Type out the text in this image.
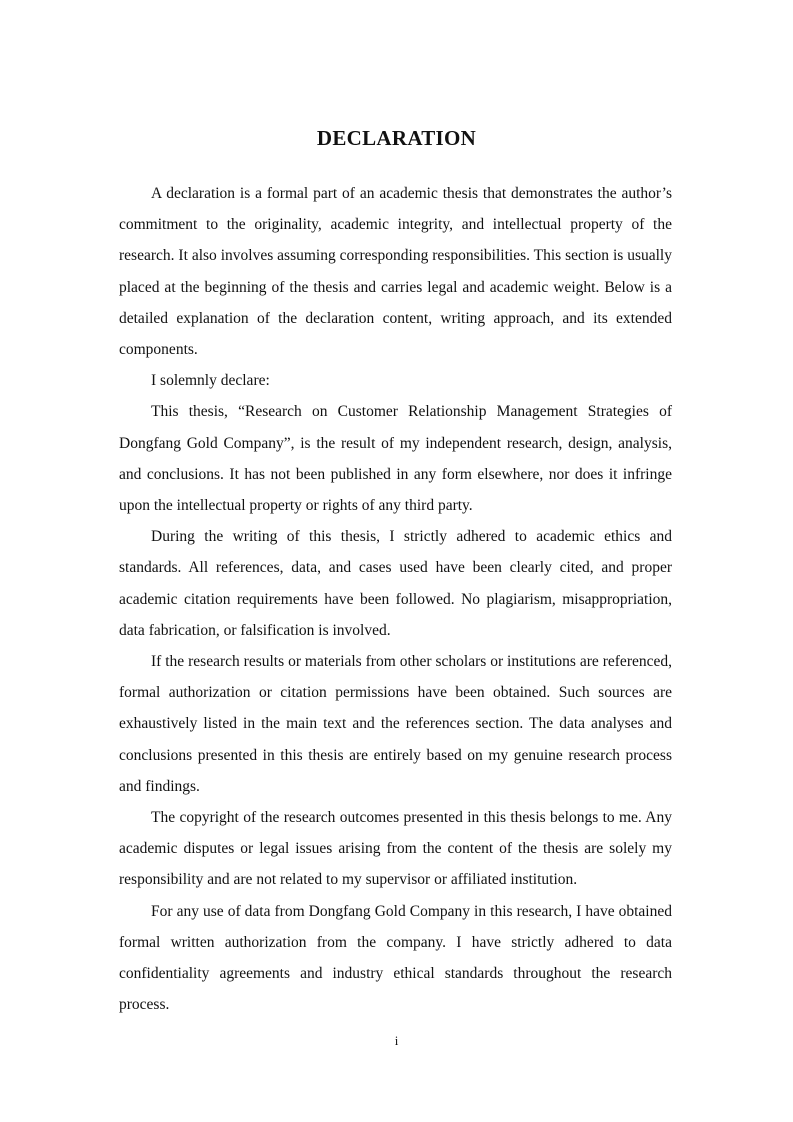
DECLARATION

A declaration is a formal part of an academic thesis that demonstrates the author’s commitment to the originality, academic integrity, and intellectual property of the research. It also involves assuming corresponding responsibilities. This section is usually placed at the beginning of the thesis and carries legal and academic weight. Below is a detailed explanation of the declaration content, writing approach, and its extended components.

I solemnly declare:

This thesis, “Research on Customer Relationship Management Strategies of Dongfang Gold Company”, is the result of my independent research, design, analysis, and conclusions. It has not been published in any form elsewhere, nor does it infringe upon the intellectual property or rights of any third party.

During the writing of this thesis, I strictly adhered to academic ethics and standards. All references, data, and cases used have been clearly cited, and proper academic citation requirements have been followed. No plagiarism, misappropriation, data fabrication, or falsification is involved.

If the research results or materials from other scholars or institutions are referenced, formal authorization or citation permissions have been obtained. Such sources are exhaustively listed in the main text and the references section. The data analyses and conclusions presented in this thesis are entirely based on my genuine research process and findings.

The copyright of the research outcomes presented in this thesis belongs to me. Any academic disputes or legal issues arising from the content of the thesis are solely my responsibility and are not related to my supervisor or affiliated institution.

For any use of data from Dongfang Gold Company in this research, I have obtained formal written authorization from the company. I have strictly adhered to data confidentiality agreements and industry ethical standards throughout the research process.

i
